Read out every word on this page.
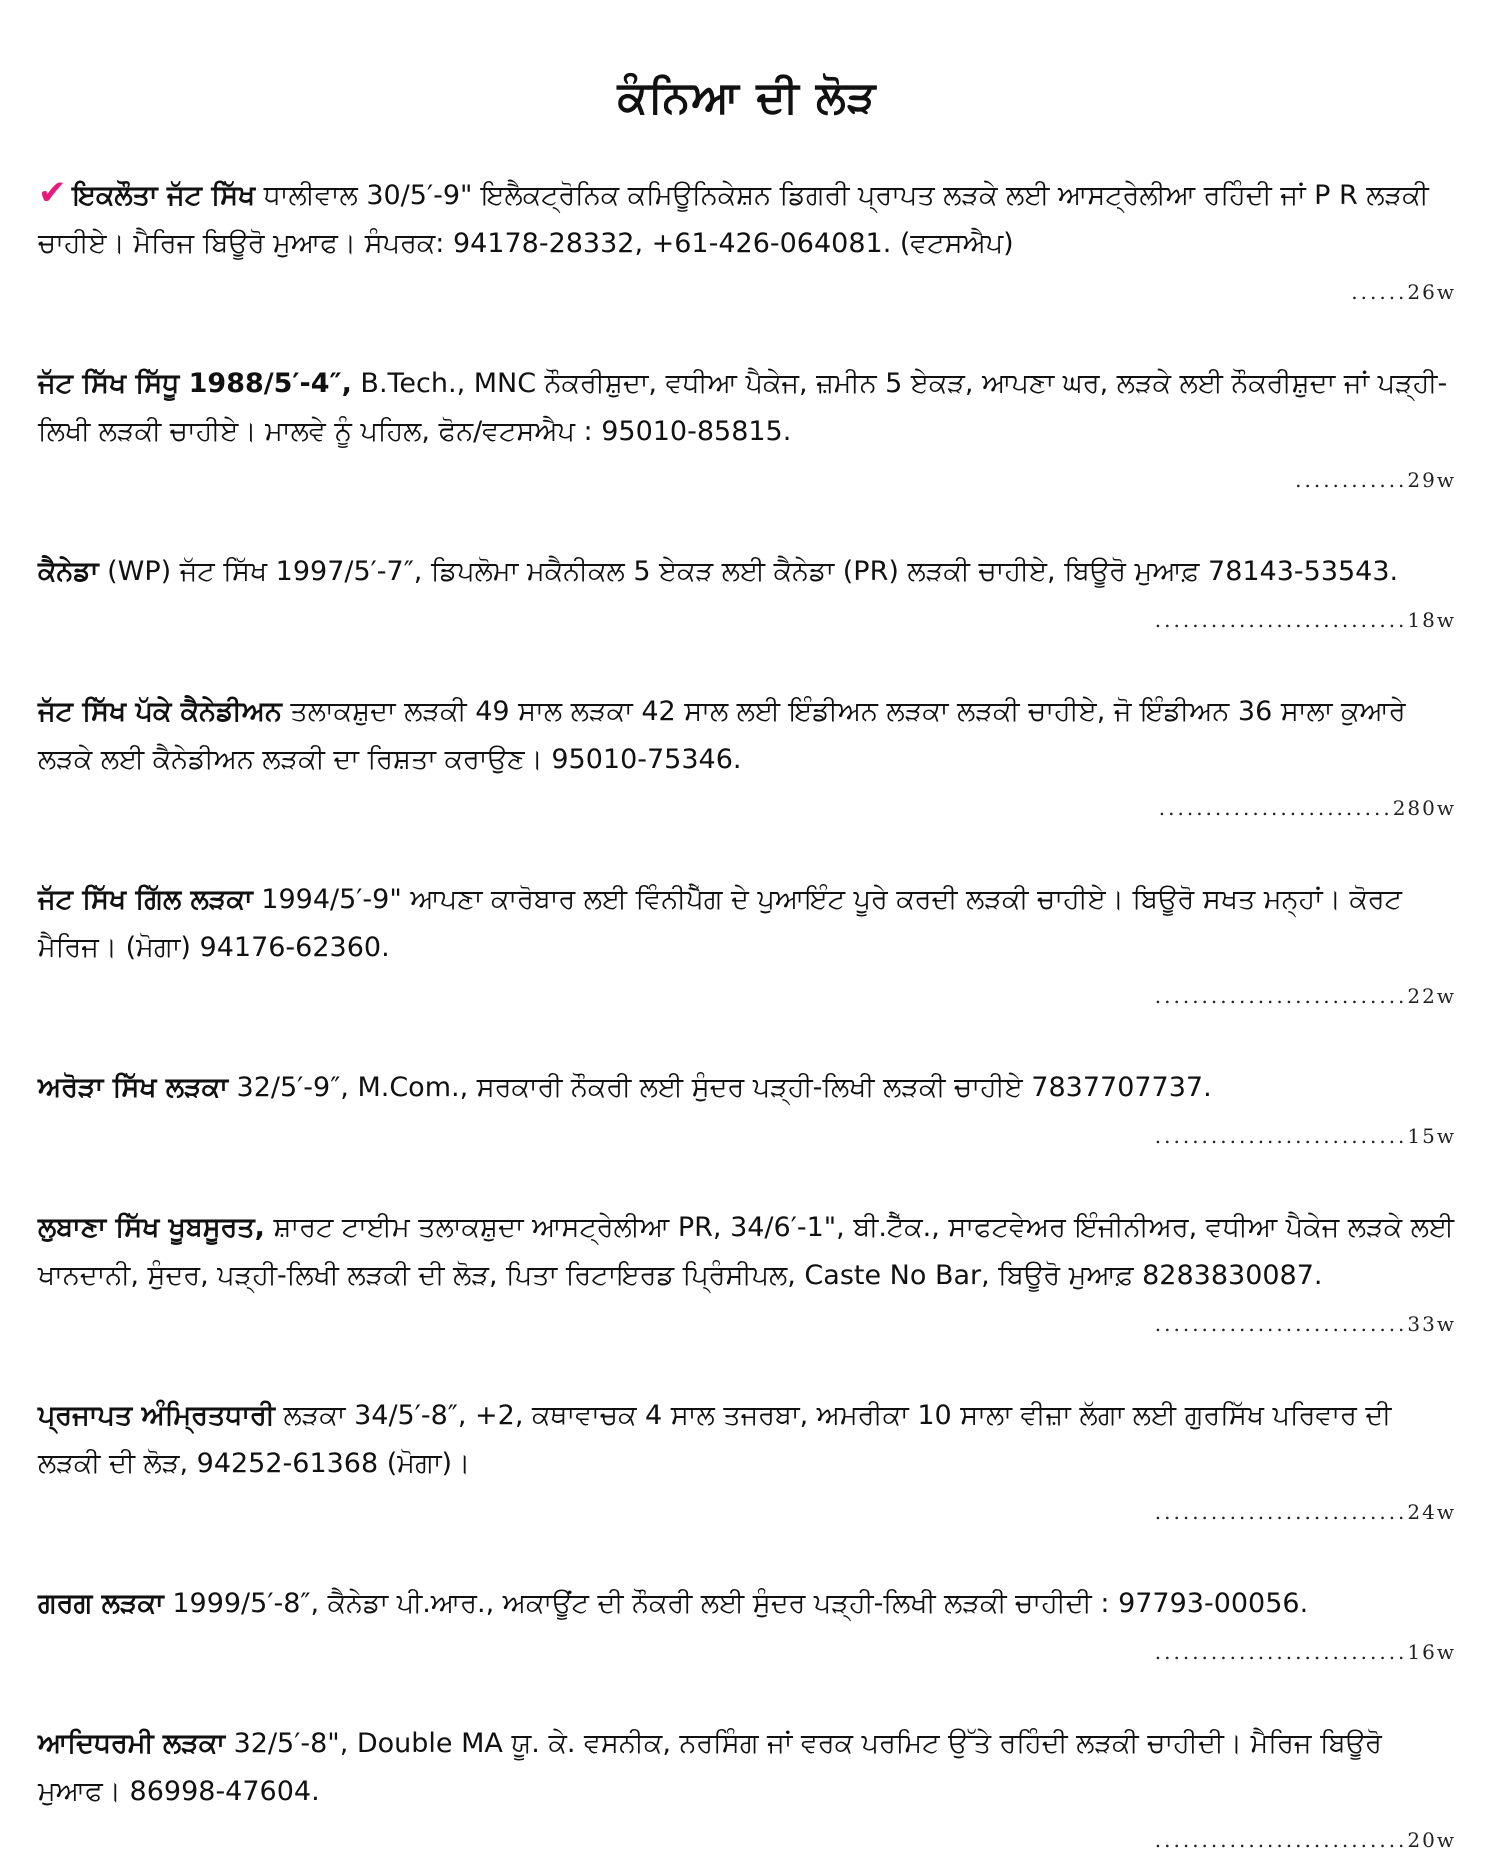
ਕੰਨਿਆ ਦੀ ਲੋੜ
✔ ਇਕਲੌਤਾ ਜੱਟ ਸਿੱਖ ਧਾਲੀਵਾਲ 30/5′-9" ਇਲੈਕਟ੍ਰੋਨਿਕ ਕਮਿਊਨਿਕੇਸ਼ਨ ਡਿਗਰੀ ਪ੍ਰਾਪਤ ਲੜਕੇ ਲਈ ਆਸਟ੍ਰੇਲੀਆ ਰਹਿੰਦੀ ਜਾਂ P R ਲੜਕੀ ਚਾਹੀਏ। ਮੈਰਿਜ ਬਿਊਰੋ ਮੁਆਫ। ਸੰਪਰਕ: 94178-28332, +61-426-064081. (ਵਟਸਐਪ)
......26w
ਜੱਟ ਸਿੱਖ ਸਿੱਧੂ 1988/5′-4″, B.Tech., MNC ਨੌਕਰੀਸ਼ੁਦਾ, ਵਧੀਆ ਪੈਕੇਜ, ਜ਼ਮੀਨ 5 ਏਕੜ, ਆਪਣਾ ਘਰ, ਲੜਕੇ ਲਈ ਨੌਕਰੀਸ਼ੁਦਾ ਜਾਂ ਪੜ੍ਹੀ-ਲਿਖੀ ਲੜਕੀ ਚਾਹੀਏ। ਮਾਲਵੇ ਨੂੰ ਪਹਿਲ, ਫੋਨ/ਵਟਸਐਪ : 95010-85815.
............29w
ਕੈਨੇਡਾ (WP) ਜੱਟ ਸਿੱਖ 1997/5′-7″, ਡਿਪਲੋਮਾ ਮਕੈਨੀਕਲ 5 ਏਕੜ ਲਈ ਕੈਨੇਡਾ (PR) ਲੜਕੀ ਚਾਹੀਏ, ਬਿਊਰੋ ਮੁਆਫ਼ 78143-53543.
...........................18w
ਜੱਟ ਸਿੱਖ ਪੱਕੇ ਕੈਨੇਡੀਅਨ ਤਲਾਕਸ਼ੁਦਾ ਲੜਕੀ 49 ਸਾਲ ਲੜਕਾ 42 ਸਾਲ ਲਈ ਇੰਡੀਅਨ ਲੜਕਾ ਲੜਕੀ ਚਾਹੀਏ, ਜੋ ਇੰਡੀਅਨ 36 ਸਾਲਾ ਕੁਆਰੇ ਲੜਕੇ ਲਈ ਕੈਨੇਡੀਅਨ ਲੜਕੀ ਦਾ ਰਿਸ਼ਤਾ ਕਰਾਉਣ। 95010-75346.
.........................280w
ਜੱਟ ਸਿੱਖ ਗਿੱਲ ਲੜਕਾ 1994/5′-9" ਆਪਣਾ ਕਾਰੋਬਾਰ ਲਈ ਵਿੰਨੀਪੈੱਗ ਦੇ ਪੁਆਇੰਟ ਪੂਰੇ ਕਰਦੀ ਲੜਕੀ ਚਾਹੀਏ। ਬਿਊਰੋ ਸਖਤ ਮਨ੍ਹਾਂ। ਕੋਰਟ ਮੈਰਿਜ। (ਮੋਗਾ) 94176-62360.
...........................22w
ਅਰੋੜਾ ਸਿੱਖ ਲੜਕਾ 32/5′-9″, M.Com., ਸਰਕਾਰੀ ਨੌਕਰੀ ਲਈ ਸੁੰਦਰ ਪੜ੍ਹੀ-ਲਿਖੀ ਲੜਕੀ ਚਾਹੀਏ 7837707737.
...........................15w
ਲੁਬਾਣਾ ਸਿੱਖ ਖੂਬਸੂਰਤ, ਸ਼ਾਰਟ ਟਾਈਮ ਤਲਾਕਸ਼ੁਦਾ ਆਸਟ੍ਰੇਲੀਆ PR, 34/6′-1", ਬੀ.ਟੈੱਕ., ਸਾਫਟਵੇਅਰ ਇੰਜੀਨੀਅਰ, ਵਧੀਆ ਪੈਕੇਜ ਲੜਕੇ ਲਈ ਖਾਨਦਾਨੀ, ਸੁੰਦਰ, ਪੜ੍ਹੀ-ਲਿਖੀ ਲੜਕੀ ਦੀ ਲੋੜ, ਪਿਤਾ ਰਿਟਾਇਰਡ ਪ੍ਰਿੰਸੀਪਲ, Caste No Bar, ਬਿਊਰੋ ਮੁਆਫ਼ 8283830087.
...........................33w
ਪ੍ਰਜਾਪਤ ਅੰਮ੍ਰਿਤਧਾਰੀ ਲੜਕਾ 34/5′-8″, +2, ਕਥਾਵਾਚਕ 4 ਸਾਲ ਤਜਰਬਾ, ਅਮਰੀਕਾ 10 ਸਾਲਾ ਵੀਜ਼ਾ ਲੱਗਾ ਲਈ ਗੁਰਸਿੱਖ ਪਰਿਵਾਰ ਦੀ ਲੜਕੀ ਦੀ ਲੋੜ, 94252-61368 (ਮੋਗਾ)।
...........................24w
ਗਰਗ ਲੜਕਾ 1999/5′-8″, ਕੈਨੇਡਾ ਪੀ.ਆਰ., ਅਕਾਊਂਟ ਦੀ ਨੌਕਰੀ ਲਈ ਸੁੰਦਰ ਪੜ੍ਹੀ-ਲਿਖੀ ਲੜਕੀ ਚਾਹੀਦੀ : 97793-00056.
...........................16w
ਆਦਿਧਰਮੀ ਲੜਕਾ 32/5′-8", Double MA ਯੂ. ਕੇ. ਵਸਨੀਕ, ਨਰਸਿੰਗ ਜਾਂ ਵਰਕ ਪਰਮਿਟ ਉੱਤੇ ਰਹਿੰਦੀ ਲੜਕੀ ਚਾਹੀਦੀ। ਮੈਰਿਜ ਬਿਊਰੋ ਮੁਆਫ। 86998-47604.
...........................20w
